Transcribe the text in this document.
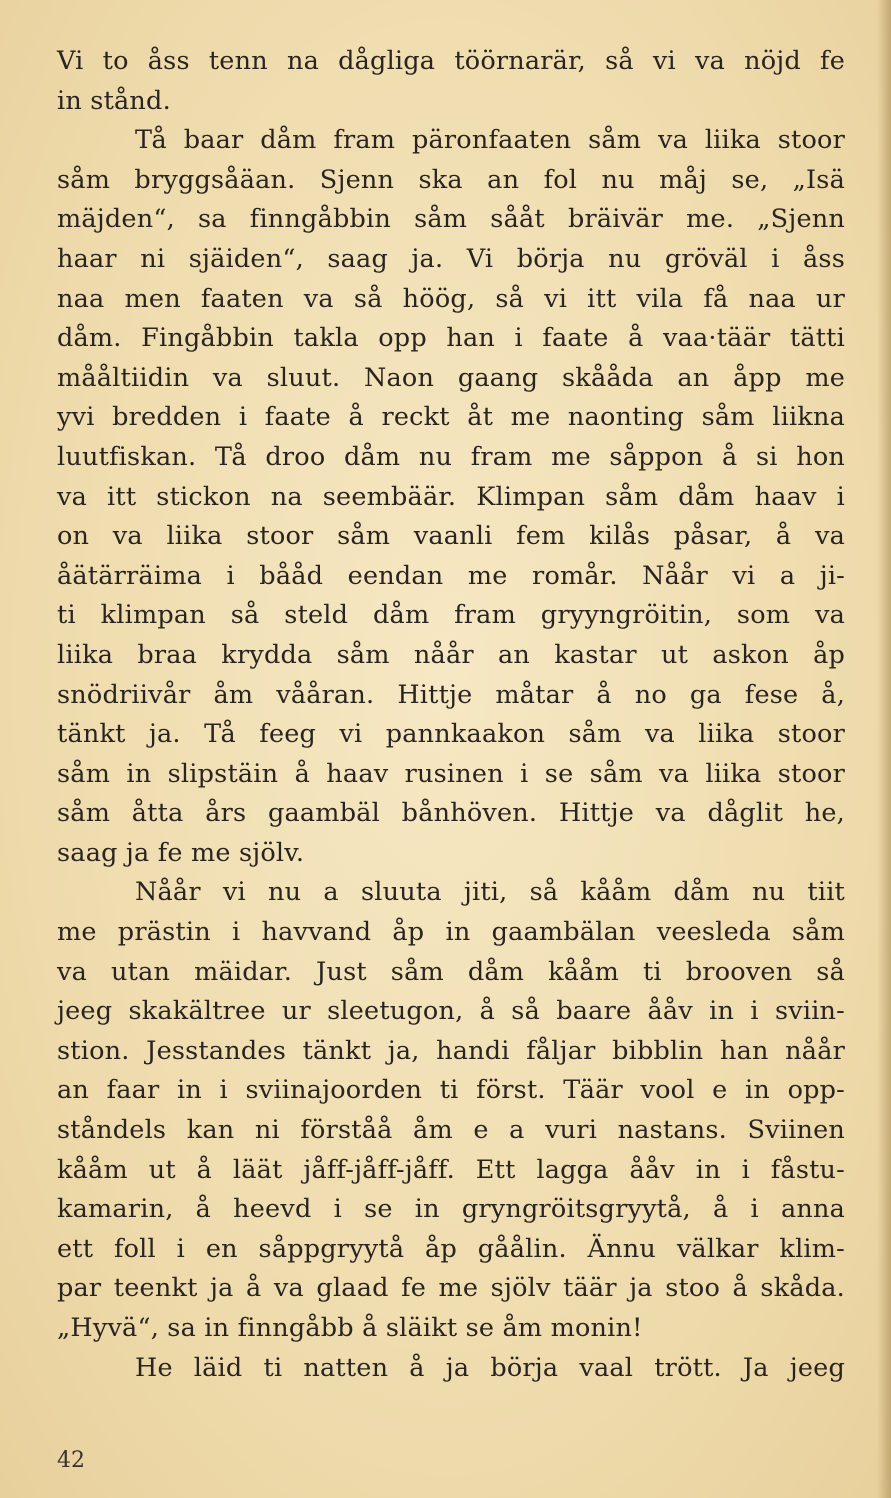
Vi to åss tenn na dågliga töörnarär, så vi va nöjd fe
in stånd.
Tå baar dåm fram päronfaaten såm va liika stoor
såm bryggsåäan. Sjenn ska an fol nu måj se, „Isä
mäjden“, sa finngåbbin såm sååt bräivär me. „Sjenn
haar ni sjäiden“, saag ja. Vi börja nu gröväl i åss
naa men faaten va så höög, så vi itt vila få naa ur
dåm. Fingåbbin takla opp han i faate å vaa·täär tätti
mååltiidin va sluut. Naon gaang skååda an åpp me
yvi bredden i faate å reckt åt me naonting såm liikna
luutfiskan. Tå droo dåm nu fram me såppon å si hon
va itt stickon na seembäär. Klimpan såm dåm haav i
on va liika stoor såm vaanli fem kilås påsar, å va
åätärräima i bååd eendan me romår. Nåår vi a ji-
ti klimpan så steld dåm fram gryyngröitin, som va
liika braa krydda såm nåår an kastar ut askon åp
snödriivår åm vååran. Hittje måtar å no ga fese å,
tänkt ja. Tå feeg vi pannkaakon såm va liika stoor
såm in slipstäin å haav rusinen i se såm va liika stoor
såm åtta års gaambäl bånhöven. Hittje va dåglit he,
saag ja fe me sjölv.
Nåår vi nu a sluuta jiti, så kååm dåm nu tiit
me prästin i havvand åp in gaambälan veesleda såm
va utan mäidar. Just såm dåm kååm ti brooven så
jeeg skakältree ur sleetugon, å så baare ååv in i sviin-
stion. Jesstandes tänkt ja, handi fåljar bibblin han nåår
an faar in i sviinajoorden ti först. Täär vool e in opp-
ståndels kan ni förståå åm e a vuri nastans. Sviinen
kååm ut å läät jåff-jåff-jåff. Ett lagga ååv in i fåstu-
kamarin, å heevd i se in gryngröitsgryytå, å i anna
ett foll i en såppgryytå åp gåålin. Ännu välkar klim-
par teenkt ja å va glaad fe me sjölv täär ja stoo å skåda.
„Hyvä“, sa in finngåbb å släikt se åm monin!
He läid ti natten å ja börja vaal trött. Ja jeeg
42
